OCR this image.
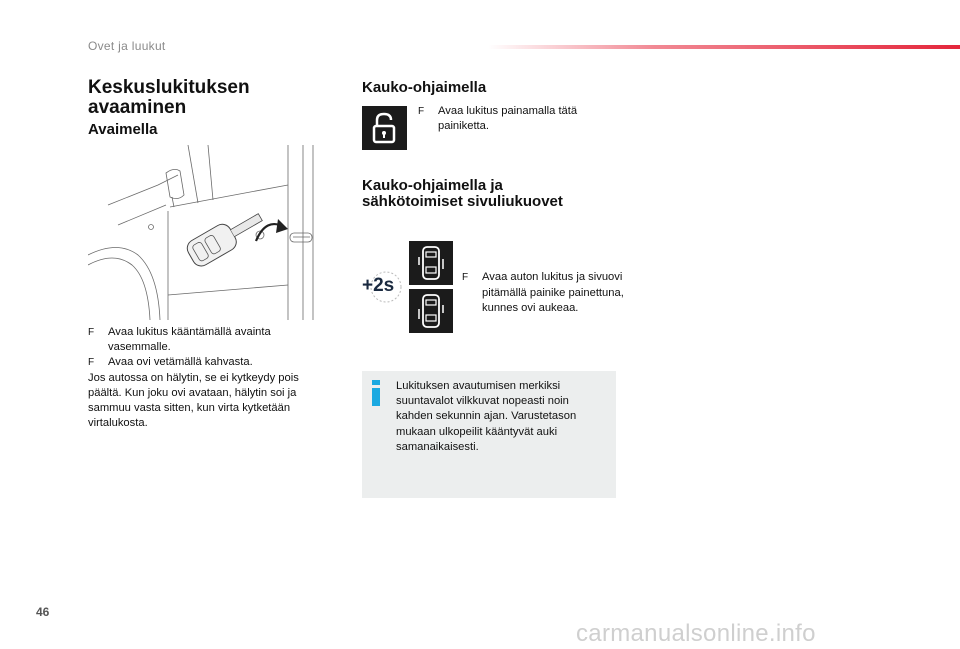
Ovet ja luukut
Keskuslukituksen avaaminen
Avaimella
F Avaa lukitus kääntämällä avainta vasemmalle.
F Avaa ovi vetämällä kahvasta.
Jos autossa on hälytin, se ei kytkeydy pois päältä. Kun joku ovi avataan, hälytin soi ja sammuu vasta sitten, kun virta kytketään virtalukosta.
Kauko-ohjaimella
F Avaa lukitus painamalla tätä painiketta.
Kauko-ohjaimella ja sähkötoimiset sivuliukuovet
+2s	F Avaa auton lukitus ja sivuovi pitämällä painike painettuna, kunnes ovi aukeaa.
Lukituksen avautumisen merkiksi suuntavalot vilkkuvat nopeasti noin kahden sekunnin ajan. Varustetason mukaan ulkopeilit kääntyvät auki samanaikaisesti.
46
carmanualsonline.info
